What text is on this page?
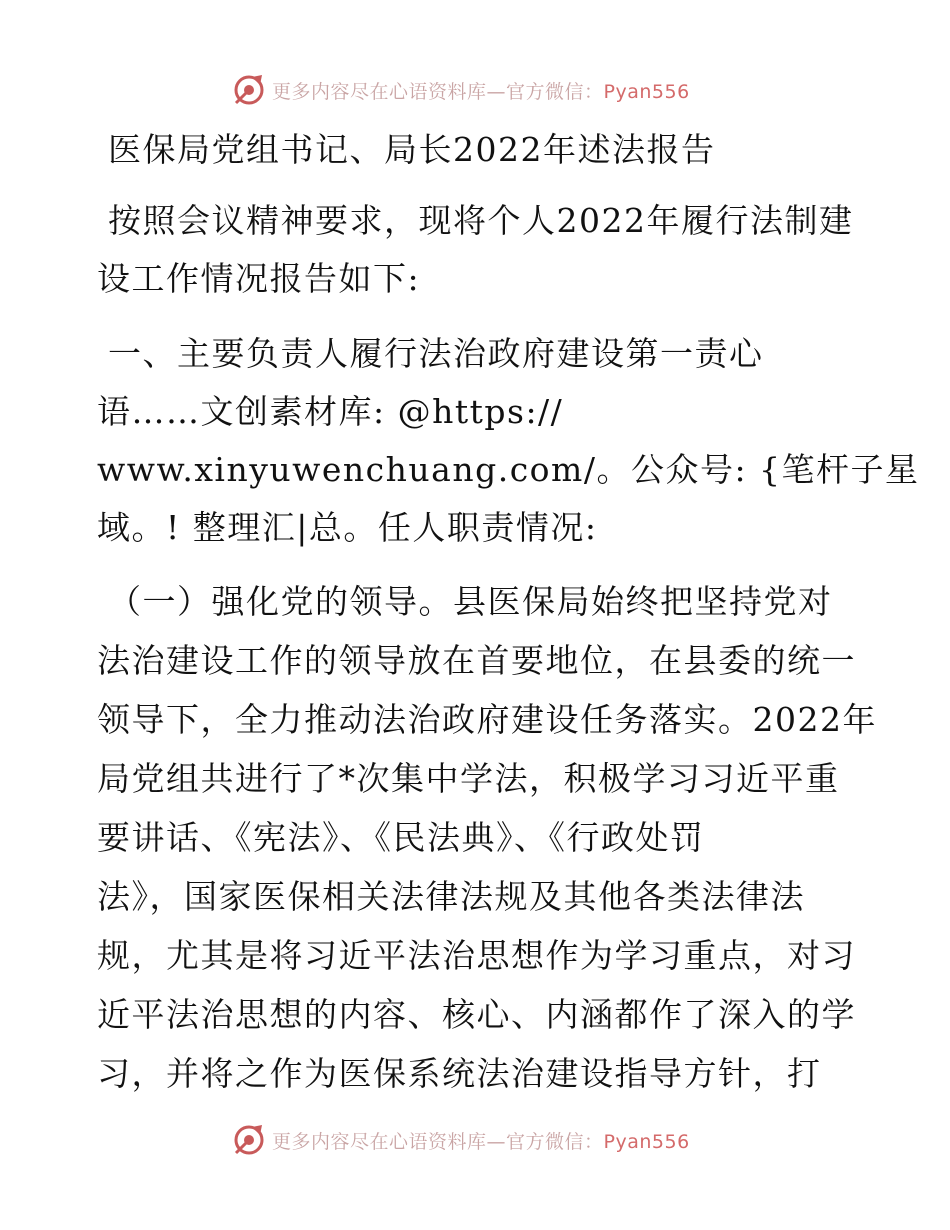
更多内容尽在心语资料库—官方微信：Pyan556
医保局党组书记、局长2022年述法报告
按照会议精神要求，现将个人2022年履行法制建
设工作情况报告如下:
一、主要负责人履行法治政府建设第一责心
语……文创素材库: @https://
www.xinyuwenchuang.com/。公众号: {笔杆子星
域。! 整理汇|总。任人职责情况:
（一）强化党的领导。县医保局始终把坚持党对
法治建设工作的领导放在首要地位，在县委的统一
领导下，全力推动法治政府建设任务落实。2022年
局党组共进行了*次集中学法，积极学习习近平重
要讲话、《宪法》、《民法典》、《行政处罚
法》，国家医保相关法律法规及其他各类法律法
规，尤其是将习近平法治思想作为学习重点，对习
近平法治思想的内容、核心、内涵都作了深入的学
习，并将之作为医保系统法治建设指导方针，打
更多内容尽在心语资料库—官方微信：Pyan556
